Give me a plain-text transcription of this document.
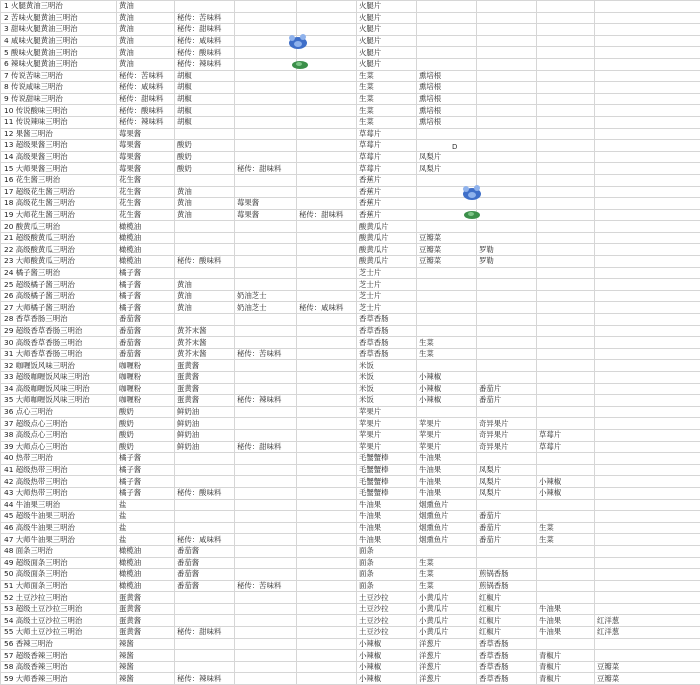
1 火腿黄油三明治	黄油					火腿片				
2 苦味火腿黄油三明治	黄油	秘传：苦味料				火腿片				
3 甜味火腿黄油三明治	黄油	秘传：甜味料				火腿片				
4 咸味火腿黄油三明治	黄油	秘传：咸味料				火腿片				
5 酸味火腿黄油三明治	黄油	秘传：酸味料				火腿片				
6 辣味火腿黄油三明治	黄油	秘传：辣味料				火腿片				
7 传说苦味三明治	秘传：苦味料	胡椒				生菜	熏培根			
8 传说咸味三明治	秘传：咸味料	胡椒				生菜	熏培根			
9 传说甜味三明治	秘传：甜味料	胡椒				生菜	熏培根			
10 传说酸味三明治	秘传：酸味料	胡椒				生菜	熏培根			
11 传说辣味三明治	秘传：辣味料	胡椒				生菜	熏培根			
12 果酱三明治	莓果酱					草莓片				
13 超级果酱三明治	莓果酱	酸奶				草莓片				
14 高级果酱三明治	莓果酱	酸奶				草莓片	凤梨片			
15 大师果酱三明治	莓果酱	酸奶	秘传：甜味料			草莓片	凤梨片			
16 花生酱三明治	花生酱					香蕉片				
17 超级花生酱三明治	花生酱	黄油				香蕉片				
18 高级花生酱三明治	花生酱	黄油	莓果酱			香蕉片				
19 大师花生酱三明治	花生酱	黄油	莓果酱	秘传：甜味料		香蕉片				
20 酸黄瓜三明治	橄榄油					酸黄瓜片				
21 超级酸黄瓜三明治	橄榄油					酸黄瓜片	豆瓣菜			
22 高级酸黄瓜三明治	橄榄油					酸黄瓜片	豆瓣菜	罗勒		
23 大师酸黄瓜三明治	橄榄油	秘传：酸味料				酸黄瓜片	豆瓣菜	罗勒		
24 橘子酱三明治	橘子酱					芝士片				
25 超级橘子酱三明治	橘子酱	黄油				芝士片				
26 高级橘子酱三明治	橘子酱	黄油	奶油芝士			芝士片				
27 大师橘子酱三明治	橘子酱	黄油	奶油芝士	秘传：咸味料		芝士片				
28 香草香肠三明治	番茄酱					香草香肠				
29 超级香草香肠三明治	番茄酱	黄芥末酱				香草香肠				
30 高级香草香肠三明治	番茄酱	黄芥末酱				香草香肠	生菜			
31 大师香草香肠三明治	番茄酱	黄芥末酱	秘传：苦味料			香草香肠	生菜			
32 咖喱饭风味三明治	咖喱粉	蛋黄酱				米饭				
33 超级咖喱饭风味三明治	咖喱粉	蛋黄酱				米饭	小辣椒			
34 高级咖喱饭风味三明治	咖喱粉	蛋黄酱				米饭	小辣椒	番茄片		
35 大师咖喱饭风味三明治	咖喱粉	蛋黄酱	秘传：辣味料			米饭	小辣椒	番茄片		
36 点心三明治	酸奶	鲜奶油				苹果片				
37 超级点心三明治	酸奶	鲜奶油				苹果片	苹果片	奇异果片		
38 高级点心三明治	酸奶	鲜奶油				苹果片	苹果片	奇异果片	草莓片	
39 大师点心三明治	酸奶	鲜奶油	秘传：甜味料			苹果片	苹果片	奇异果片	草莓片	
40 热带三明治	橘子酱					毛蟹蟹棒	牛油果			
41 超级热带三明治	橘子酱					毛蟹蟹棒	牛油果	凤梨片		
42 高级热带三明治	橘子酱					毛蟹蟹棒	牛油果	凤梨片	小辣椒	
43 大师热带三明治	橘子酱	秘传：酸味料				毛蟹蟹棒	牛油果	凤梨片	小辣椒	
44 牛油果三明治	盐					牛油果	烟熏鱼片			
45 超级牛油果三明治	盐					牛油果	烟熏鱼片	番茄片		
46 高级牛油果三明治	盐					牛油果	烟熏鱼片	番茄片	生菜	
47 大师牛油果三明治	盐	秘传：咸味料				牛油果	烟熏鱼片	番茄片	生菜	
48 面条三明治	橄榄油	番茄酱				面条				
49 超级面条三明治	橄榄油	番茄酱				面条	生菜			
50 高级面条三明治	橄榄油	番茄酱				面条	生菜	煎锅香肠		
51 大师面条三明治	橄榄油	番茄酱	秘传：苦味料			面条	生菜	煎锅香肠		
52 土豆沙拉三明治	蛋黄酱					土豆沙拉	小黄瓜片	红椒片		
53 超级土豆沙拉三明治	蛋黄酱					土豆沙拉	小黄瓜片	红椒片	牛油果	
54 高级土豆沙拉三明治	蛋黄酱					土豆沙拉	小黄瓜片	红椒片	牛油果	红洋葱
55 大师土豆沙拉三明治	蛋黄酱	秘传：甜味料				土豆沙拉	小黄瓜片	红椒片	牛油果	红洋葱
56 香辣三明治	辣酱					小辣椒	洋葱片	香草香肠		
57 超级香辣三明治	辣酱					小辣椒	洋葱片	香草香肠	青椒片	
58 高级香辣三明治	辣酱					小辣椒	洋葱片	香草香肠	青椒片	豆瓣菜
59 大师香辣三明治	辣酱	秘传：辣味料				小辣椒	洋葱片	香草香肠	青椒片	豆瓣菜
D
